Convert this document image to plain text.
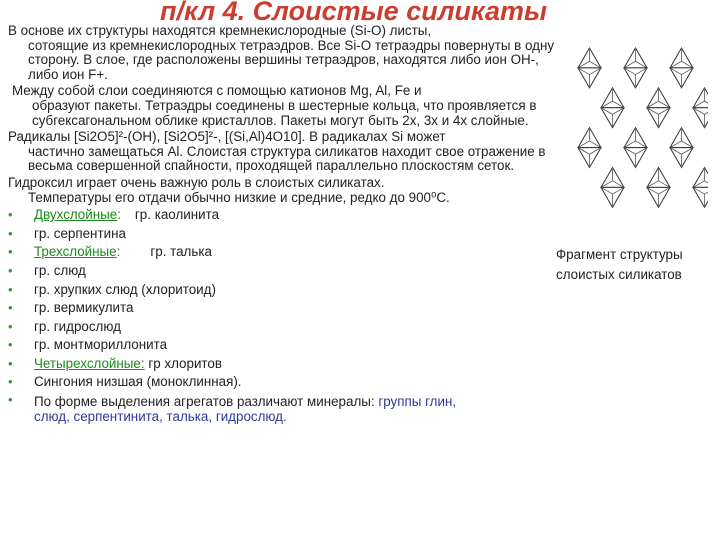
п/кл 4. Слоистые силикаты

В основе их структуры находятся кремнекислородные (Si-O) листы,

сотоящие из кремнекислородных тетраэдров. Все Si-O тетраэдры повернуты в одну сторону. В слое, где расположены вершины тетраэдров, находятся либо ион ОН-, либо ион F+.

Между собой слои соединяются с помощью катионов Mg, Al, Fe и

образуют пакеты. Тетраэдры соединены в шестерные кольца, что проявляется в субгексагональном облике кристаллов. Пакеты могут быть 2х, 3х и 4х слойные.

Радикалы [Si2O5]²-(OH), [Si2O5]²-, [(Si,Al)4O10]. В радикалах Si может

частично замещаться Al. Слоистая структура силикатов находит свое отражение в весьма совершенной спайности, проходящей параллельно плоскостям сеток.

Гидроксил играет очень важную роль в слоистых силикатах.

Температуры его отдачи обычно низкие и средние, редко до 900⁰С.

• Двухслойные: гр. каолинита
• гр. серпентина
• Трехслойные: гр. талька
• гр. слюд
• гр. хрупких слюд (хлоритоид)
• гр. вермикулита
• гр. гидрослюд
• гр. монтмориллонита
• Четырехслойные: гр хлоритов
• Сингония низшая (моноклинная).
• По форме выделения агрегатов различают минералы: группы глин,
слюд, серпентинита, талька, гидрослюд.
Фрагмент структуры
слоистых силикатов
